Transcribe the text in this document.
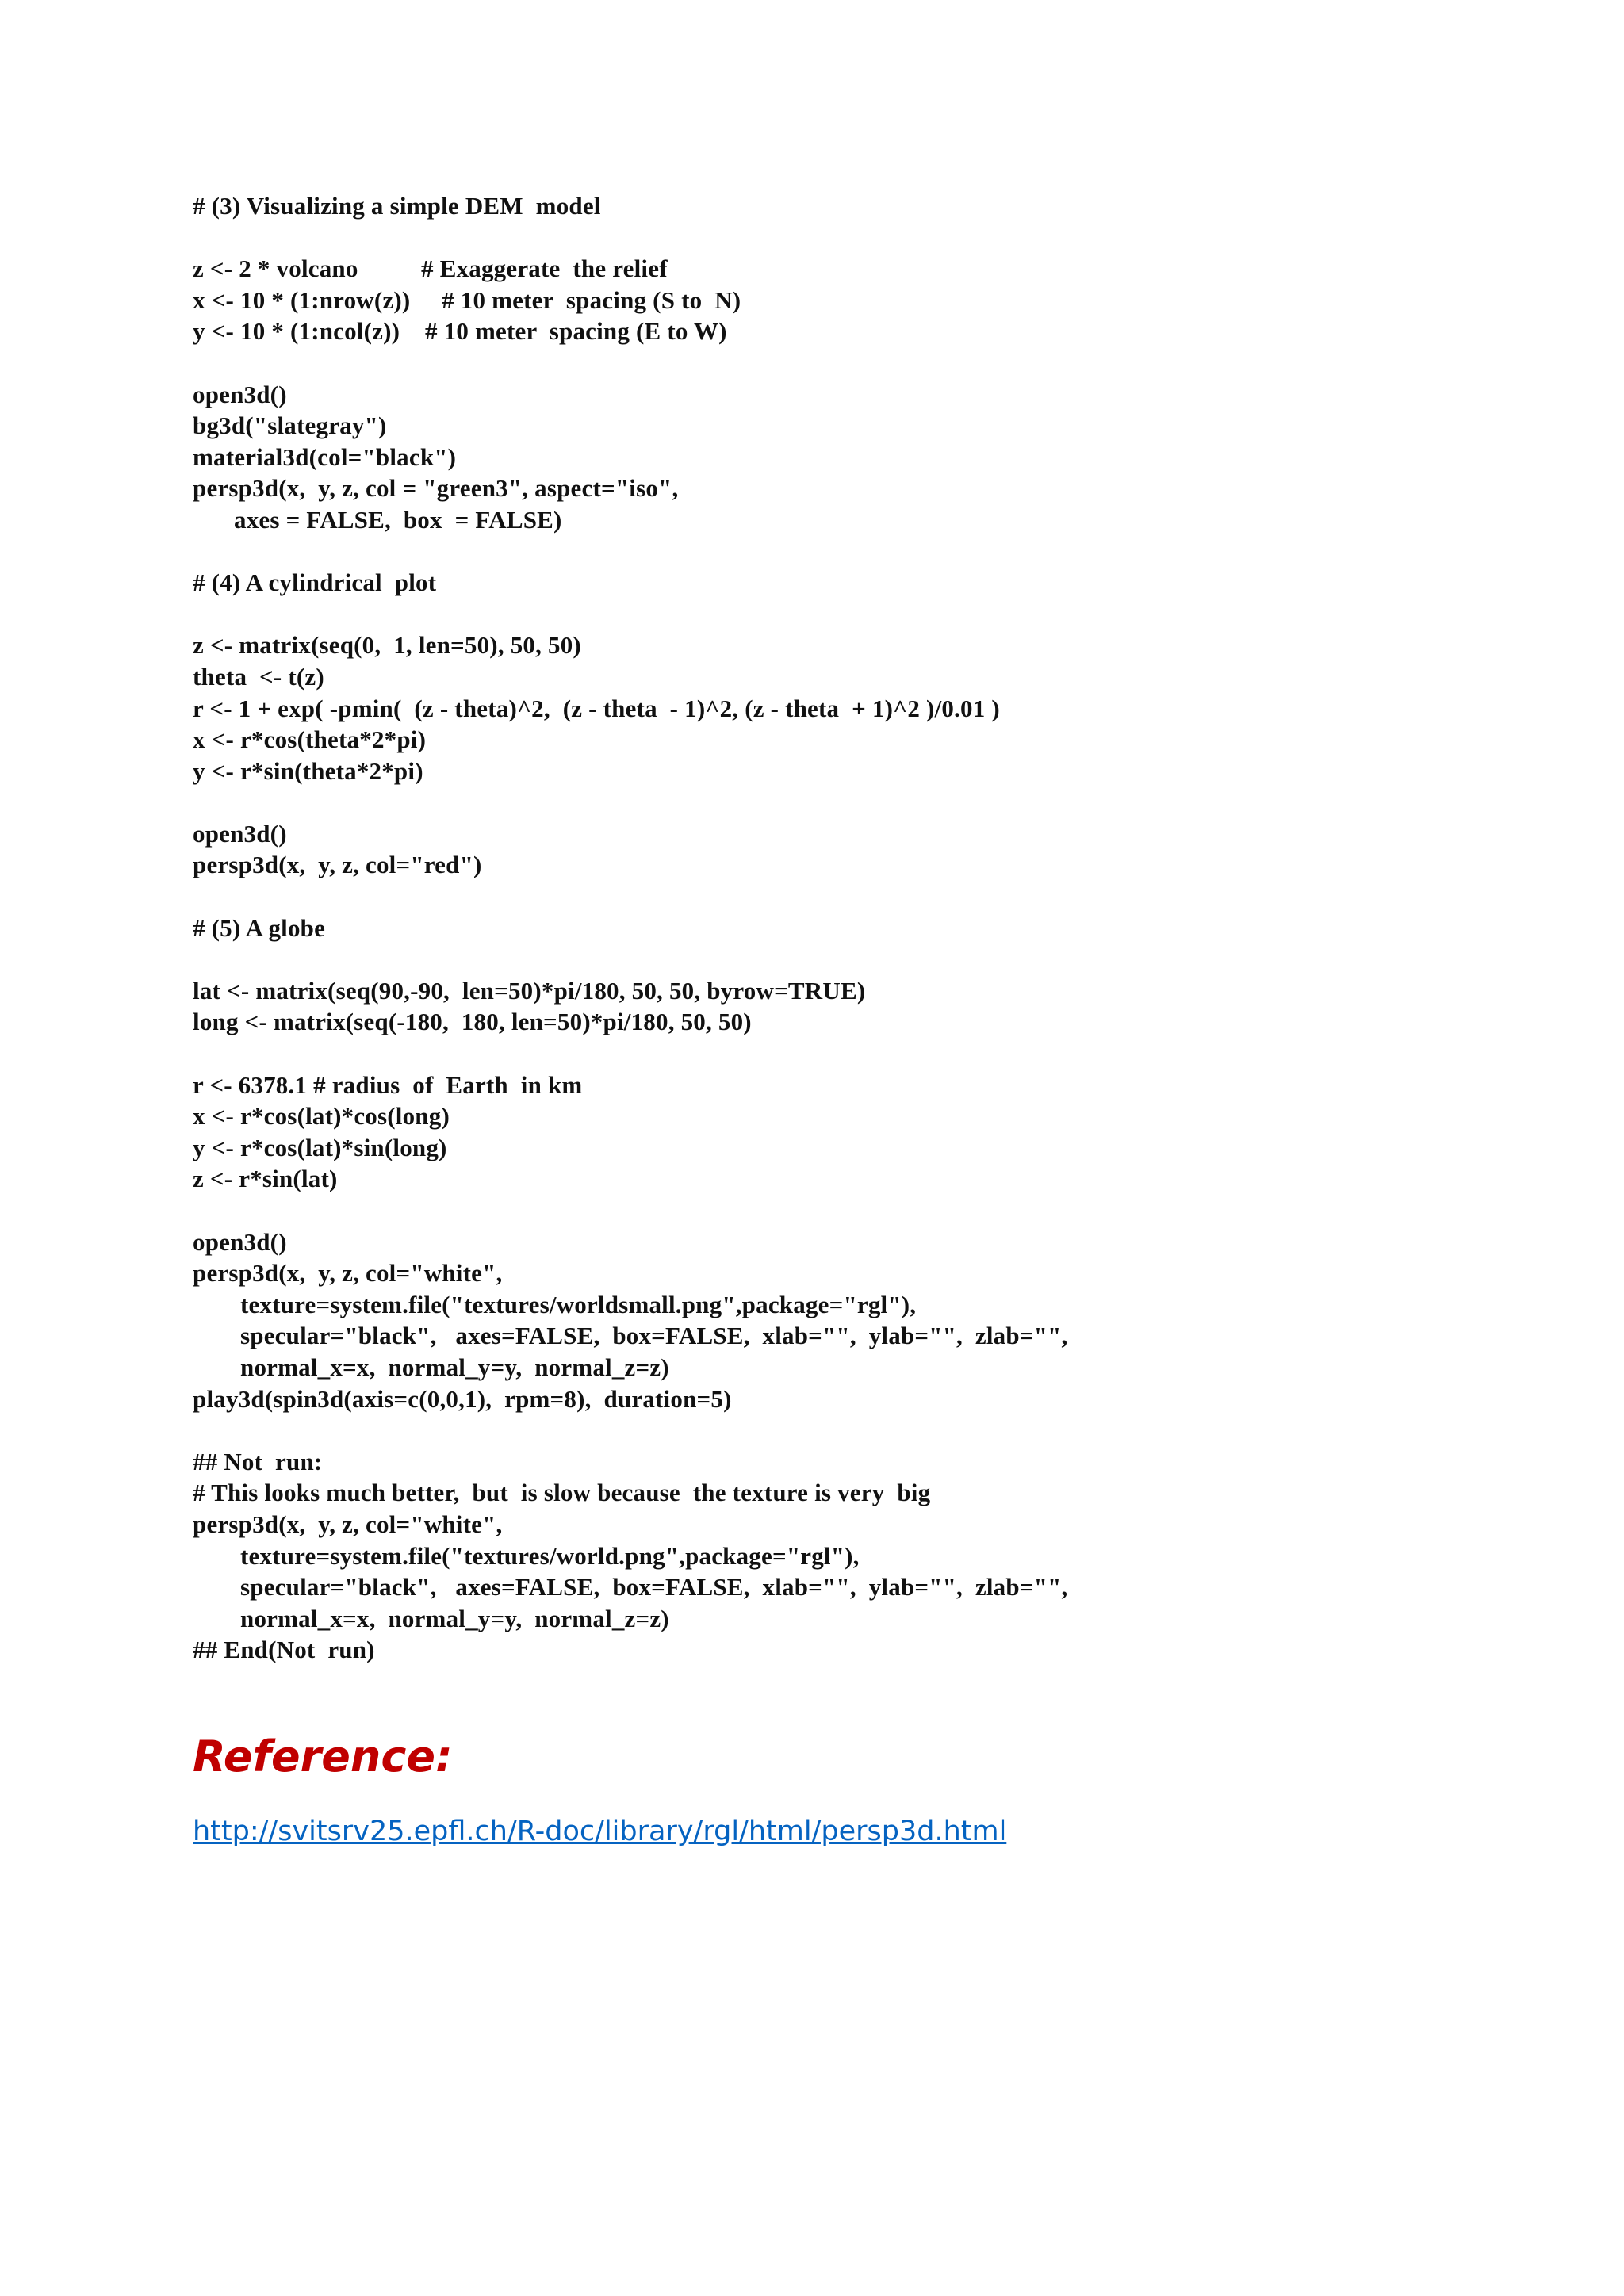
# (3) Visualizing a simple DEM  model
z <- 2 * volcano          # Exaggerate  the relief
x <- 10 * (1:nrow(z))     # 10 meter  spacing (S to  N)
y <- 10 * (1:ncol(z))    # 10 meter  spacing (E to W)
open3d()
bg3d("slategray")
material3d(col="black")
persp3d(x,  y, z, col = "green3", aspect="iso",
axes = FALSE,  box  = FALSE)
# (4) A cylindrical  plot
z <- matrix(seq(0,  1, len=50), 50, 50)
theta  <- t(z)
r <- 1 + exp( -pmin(  (z - theta)^2,  (z - theta  - 1)^2, (z - theta  + 1)^2 )/0.01 )
x <- r*cos(theta*2*pi)
y <- r*sin(theta*2*pi)
open3d()
persp3d(x,  y, z, col="red")
# (5) A globe
lat <- matrix(seq(90,-90,  len=50)*pi/180, 50, 50, byrow=TRUE)
long <- matrix(seq(-180,  180, len=50)*pi/180, 50, 50)
r <- 6378.1 # radius  of  Earth  in km
x <- r*cos(lat)*cos(long)
y <- r*cos(lat)*sin(long)
z <- r*sin(lat)
open3d()
persp3d(x,  y, z, col="white",
texture=system.file("textures/worldsmall.png",package="rgl"),
specular="black",   axes=FALSE,  box=FALSE,  xlab="",  ylab="",  zlab="",
normal_x=x,  normal_y=y,  normal_z=z)
play3d(spin3d(axis=c(0,0,1),  rpm=8),  duration=5)
## Not  run:
# This looks much better,  but  is slow because  the texture is very  big
persp3d(x,  y, z, col="white",
texture=system.file("textures/world.png",package="rgl"),
specular="black",   axes=FALSE,  box=FALSE,  xlab="",  ylab="",  zlab="",
normal_x=x,  normal_y=y,  normal_z=z)
## End(Not  run)
Reference:
http://svitsrv25.epfl.ch/R-doc/library/rgl/html/persp3d.html
